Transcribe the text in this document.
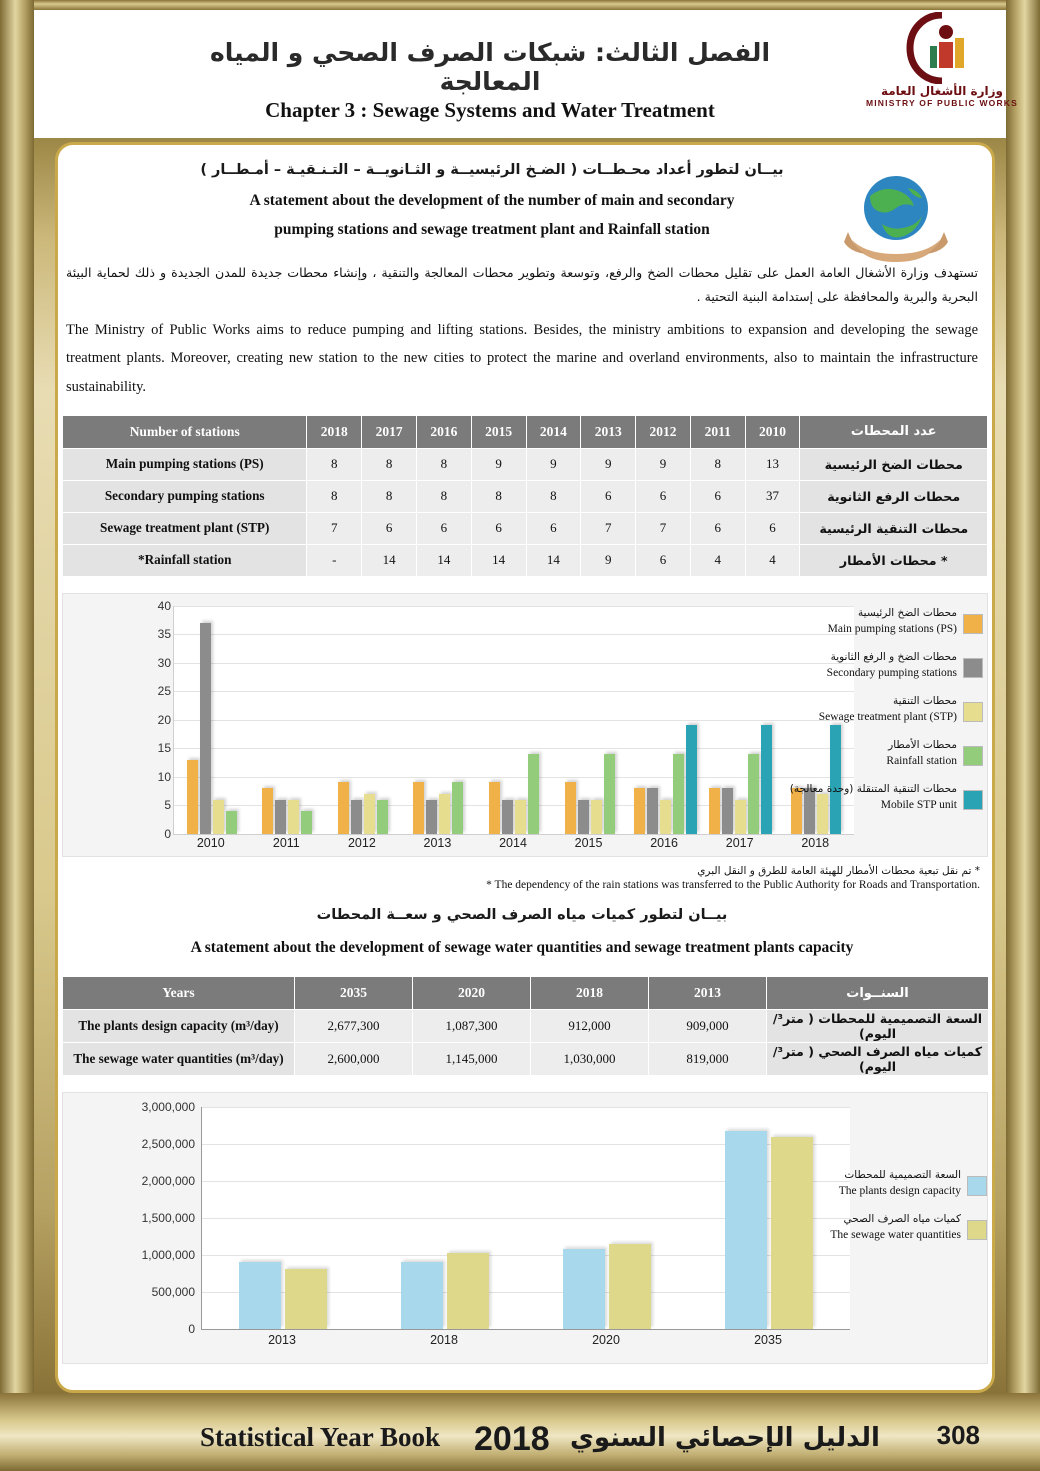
الفصل الثالث: شبكات الصرف الصحي و المياه المعالجة
Chapter 3 : Sewage Systems and Water Treatment
وزارة الأشغال العامة
MINISTRY OF PUBLIC WORKS
بيــان لتطور أعداد محـطــات ( الضـخ الرئيسيــة و الثـانويــة – التـنـقيـة – أمـطــار )
A statement about the development of the number of main and secondary
pumping stations and sewage treatment plant and Rainfall station
تستهدف وزارة الأشغال العامة العمل على تقليل محطات الضخ والرفع، وتوسعة وتطوير محطات المعالجة والتنقية ، وإنشاء محطات جديدة للمدن الجديدة و ذلك لحماية البيئة البحرية والبرية والمحافظة على إستدامة البنية التحتية .
The Ministry of Public Works aims to reduce pumping and lifting stations. Besides, the ministry ambitions to expansion and developing the sewage treatment plants. Moreover, creating new station to the new cities to protect the marine and overland environments, also to maintain the infrastructure sustainability.
Number of stations	2018	2017	2016	2015	2014	2013	2012	2011	2010	عدد المحطات
Main pumping stations (PS)	8	8	8	9	9	9	9	8	13	محطات الضخ الرئيسية
Secondary pumping stations	8	8	8	8	8	6	6	6	37	محطات الرفع الثانوية
Sewage treatment plant (STP)	7	6	6	6	6	7	7	6	6	محطات التنقية الرئيسية
*Rainfall station	-	14	14	14	14	9	6	4	4	* محطات الأمطار
0
5
10
15
20
25
30
35
40
2010	2011	2012	2013	2014	2015	2016	2017	2018
محطات الضخ الرئيسية
Main pumping stations (PS)
محطات الضخ و الرفع الثانوية
Secondary pumping stations
محطات التنقية
Sewage treatment plant (STP)
محطات الأمطار
Rainfall station
محطات التنقية المتنقلة (وحدة معالجة)
Mobile STP unit
* تم نقل تبعية محطات الأمطار للهيئة العامة للطرق و النقل البري
* The dependency of the rain stations was transferred to the Public Authority for Roads and Transportation.
بيــان لتطور كميات مياه الصرف الصحي و سعــة المحطات
A statement about the development of sewage water quantities and sewage treatment plants capacity
Years	2035	2020	2018	2013	السنــوات
The plants design capacity (m³/day)	2,677,300	1,087,300	912,000	909,000	السعة التصميمية للمحطات ( متر³/ اليوم)
The sewage water quantities (m³/day)	2,600,000	1,145,000	1,030,000	819,000	كميات مياه الصرف الصحي ( متر³/ اليوم)
0
500,000
1,000,000
1,500,000
2,000,000
2,500,000
3,000,000
2013	2018	2020	2035
السعة التصميمية للمحطات
The plants design capacity
كميات مياه الصرف الصحي
The sewage water quantities
Statistical Year Book 2018 الدليل الإحصائي السنوي 308
